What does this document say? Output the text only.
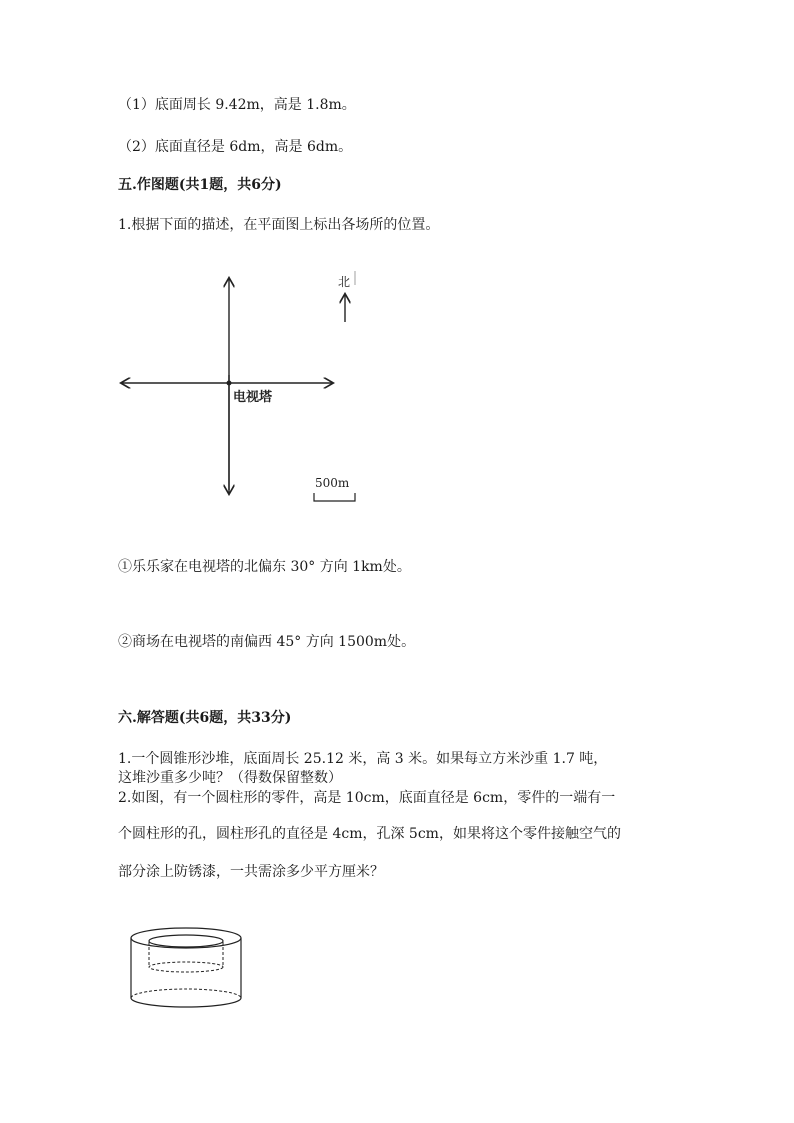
（1）底面周长 9.42m，高是 1.8m。
（2）底面直径是 6dm，高是 6dm。
五.作图题(共1题，共6分)
1.根据下面的描述，在平面图上标出各场所的位置。
电视塔
北
500m
①乐乐家在电视塔的北偏东 30° 方向 1km处。
②商场在电视塔的南偏西 45° 方向 1500m处。
六.解答题(共6题，共33分)
1.一个圆锥形沙堆，底面周长 25.12 米，高 3 米。如果每立方米沙重 1.7 吨，
这堆沙重多少吨？（得数保留整数）
2.如图，有一个圆柱形的零件，高是 10cm，底面直径是 6cm，零件的一端有一
个圆柱形的孔，圆柱形孔的直径是 4cm，孔深 5cm，如果将这个零件接触空气的
部分涂上防锈漆，一共需涂多少平方厘米？
